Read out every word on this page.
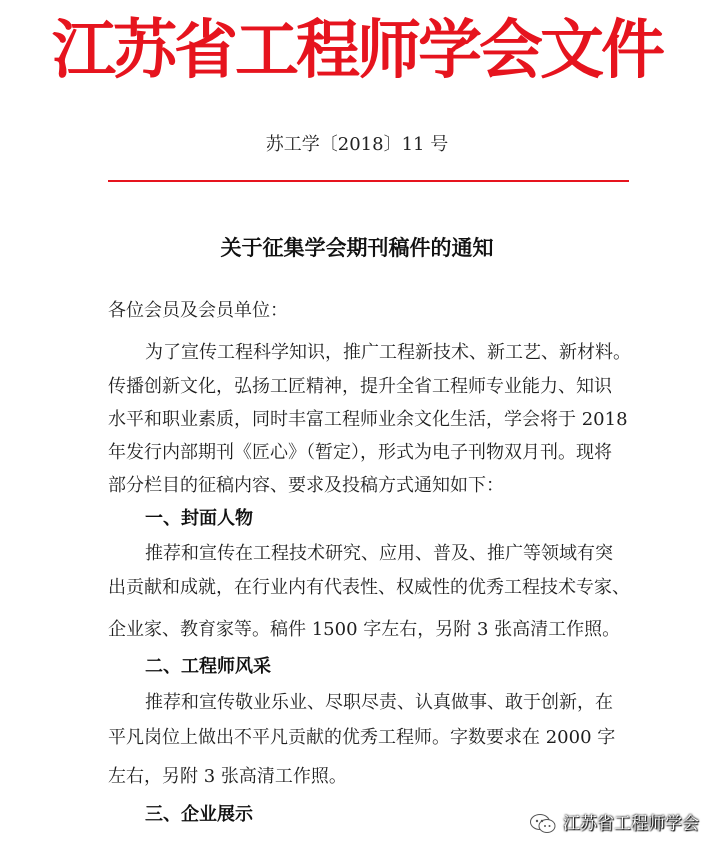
江苏省工程师学会文件
苏工学〔2018〕11 号
关于征集学会期刊稿件的通知
各位会员及会员单位：
为了宣传工程科学知识，推广工程新技术、新工艺、新材料。
传播创新文化，弘扬工匠精神，提升全省工程师专业能力、知识
水平和职业素质，同时丰富工程师业余文化生活，学会将于 2018
年发行内部期刊《匠心》（暂定），形式为电子刊物双月刊。现将
部分栏目的征稿内容、要求及投稿方式通知如下：
一、封面人物
推荐和宣传在工程技术研究、应用、普及、推广等领域有突
出贡献和成就，在行业内有代表性、权威性的优秀工程技术专家、
企业家、教育家等。稿件 1500 字左右，另附 3 张高清工作照。
二、工程师风采
推荐和宣传敬业乐业、尽职尽责、认真做事、敢于创新，在
平凡岗位上做出不平凡贡献的优秀工程师。字数要求在 2000 字
左右，另附 3 张高清工作照。
三、企业展示	江苏省工程师学会
